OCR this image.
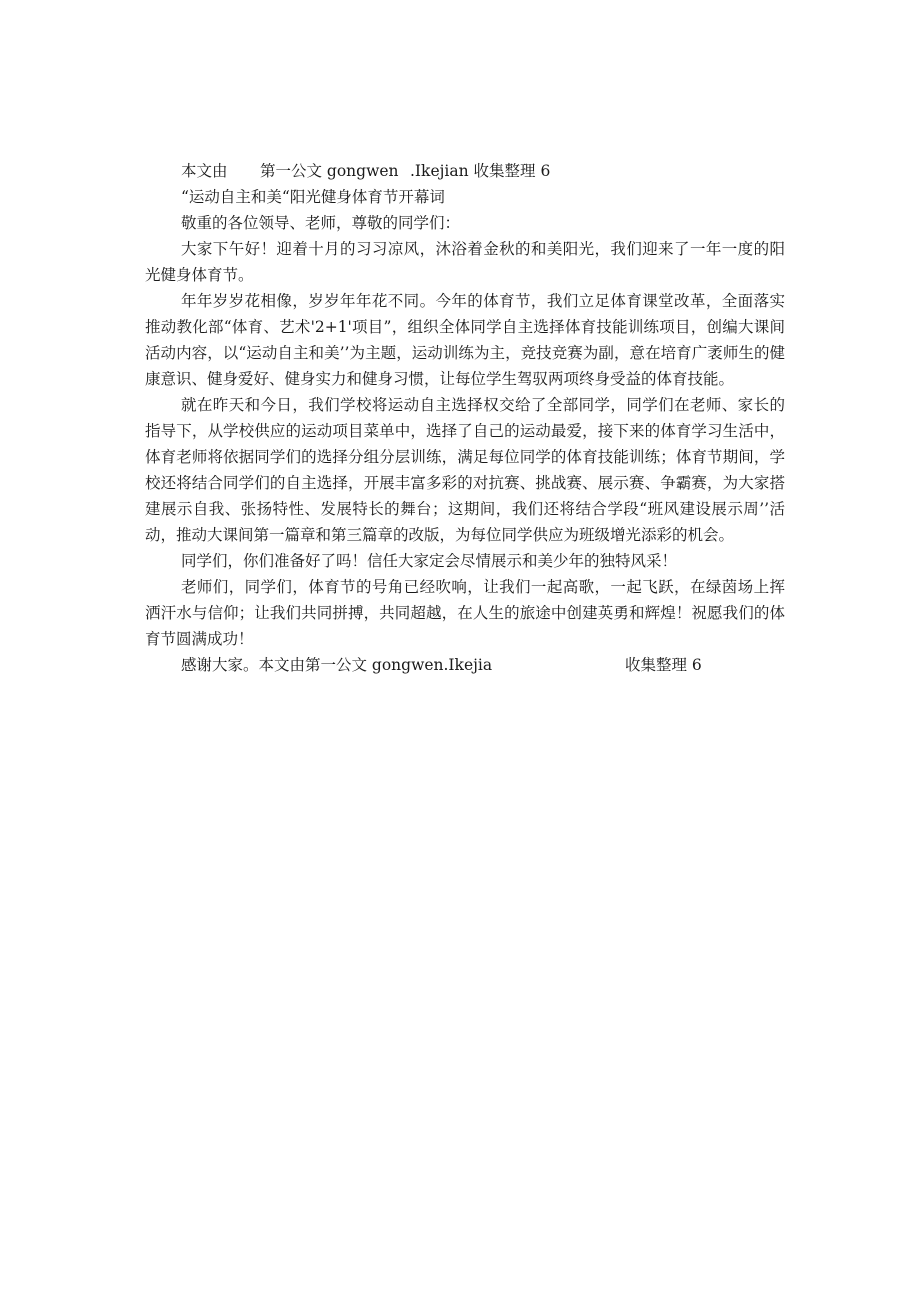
本文由 第一公文 gongwen .Ikejian 收集整理 6

“运动自主和美“阳光健身体育节开幕词

敬重的各位领导、老师，尊敬的同学们：

大家下午好！迎着十月的习习凉风，沐浴着金秋的和美阳光，我们迎来了一年一度的阳光健身体育节。

年年岁岁花相像，岁岁年年花不同。今年的体育节，我们立足体育课堂改革，全面落实推动教化部“体育、艺术'2+1'项目”，组织全体同学自主选择体育技能训练项目，创编大课间活动内容，以“运动自主和美’’为主题，运动训练为主，竞技竞赛为副，意在培育广袤师生的健康意识、健身爱好、健身实力和健身习惯，让每位学生驾驭两项终身受益的体育技能。

就在昨天和今日，我们学校将运动自主选择权交给了全部同学，同学们在老师、家长的指导下，从学校供应的运动项目菜单中，选择了自己的运动最爱，接下来的体育学习生活中，体育老师将依据同学们的选择分组分层训练，满足每位同学的体育技能训练；体育节期间，学校还将结合同学们的自主选择，开展丰富多彩的对抗赛、挑战赛、展示赛、争霸赛，为大家搭建展示自我、张扬特性、发展特长的舞台；这期间，我们还将结合学段“班风建设展示周’’活动，推动大课间第一篇章和第三篇章的改版，为每位同学供应为班级增光添彩的机会。

同学们，你们准备好了吗！信任大家定会尽情展示和美少年的独特风采！

老师们，同学们，体育节的号角已经吹响，让我们一起高歌，一起飞跃，在绿茵场上挥洒汗水与信仰；让我们共同拼搏，共同超越，在人生的旅途中创建英勇和辉煌！祝愿我们的体育节圆满成功！

感谢大家。本文由第一公文 gongwen.Ikejia	收集整理 6
